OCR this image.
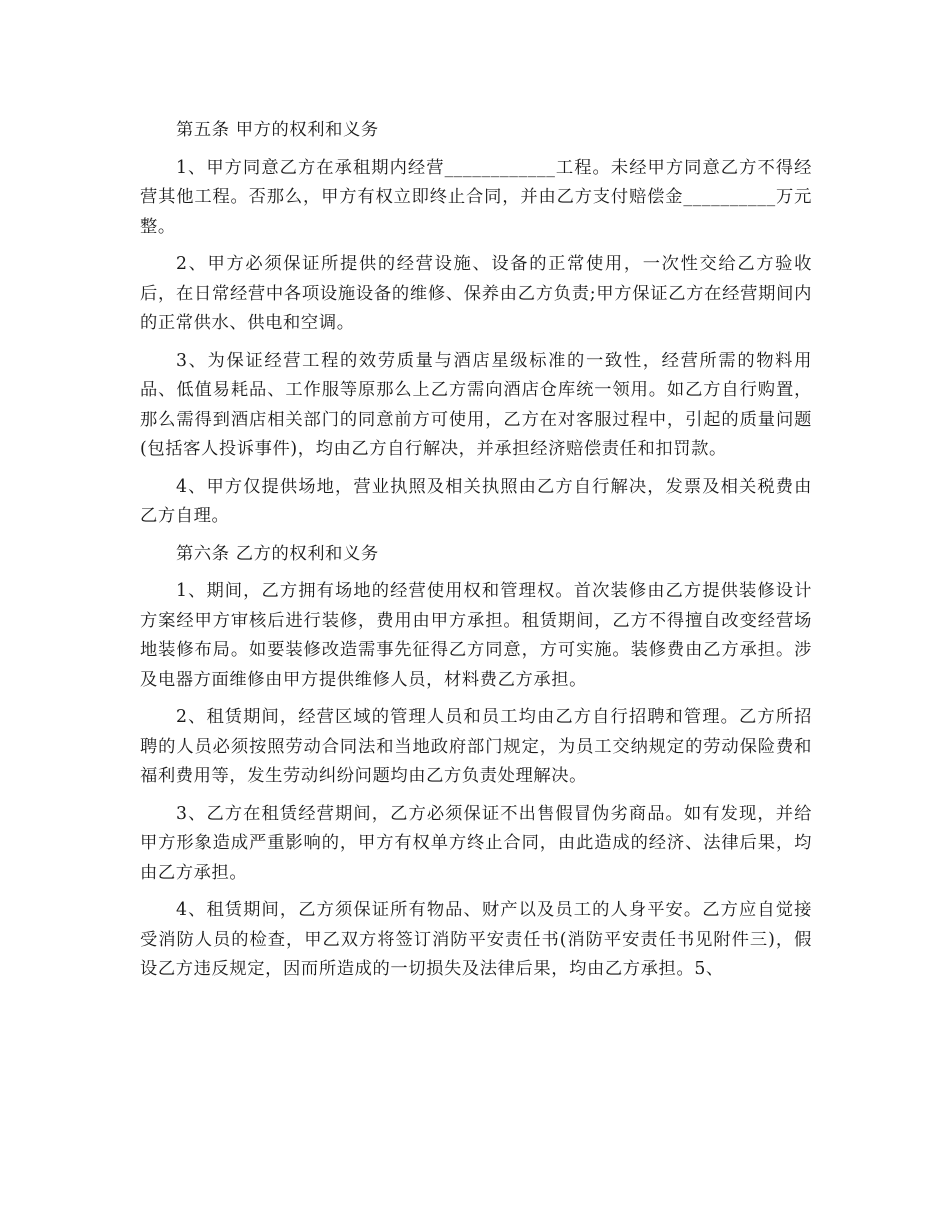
第五条 甲方的权利和义务

1、甲方同意乙方在承租期内经营____________工程。未经甲方同意乙方不得经营其他工程。否那么，甲方有权立即终止合同，并由乙方支付赔偿金__________万元整。

2、甲方必须保证所提供的经营设施、设备的正常使用，一次性交给乙方验收后，在日常经营中各项设施设备的维修、保养由乙方负责;甲方保证乙方在经营期间内的正常供水、供电和空调。

3、为保证经营工程的效劳质量与酒店星级标准的一致性，经营所需的物料用品、低值易耗品、工作服等原那么上乙方需向酒店仓库统一领用。如乙方自行购置，那么需得到酒店相关部门的同意前方可使用，乙方在对客服过程中，引起的质量问题(包括客人投诉事件)，均由乙方自行解决，并承担经济赔偿责任和扣罚款。

4、甲方仅提供场地，营业执照及相关执照由乙方自行解决，发票及相关税费由乙方自理。

第六条 乙方的权利和义务

1、期间，乙方拥有场地的经营使用权和管理权。首次装修由乙方提供装修设计方案经甲方审核后进行装修，费用由甲方承担。租赁期间，乙方不得擅自改变经营场地装修布局。如要装修改造需事先征得乙方同意，方可实施。装修费由乙方承担。涉及电器方面维修由甲方提供维修人员，材料费乙方承担。

2、租赁期间，经营区域的管理人员和员工均由乙方自行招聘和管理。乙方所招聘的人员必须按照劳动合同法和当地政府部门规定，为员工交纳规定的劳动保险费和福利费用等，发生劳动纠纷问题均由乙方负责处理解决。

3、乙方在租赁经营期间，乙方必须保证不出售假冒伪劣商品。如有发现，并给甲方形象造成严重影响的，甲方有权单方终止合同，由此造成的经济、法律后果，均由乙方承担。

4、租赁期间，乙方须保证所有物品、财产以及员工的人身平安。乙方应自觉接受消防人员的检查，甲乙双方将签订消防平安责任书(消防平安责任书见附件三)，假设乙方违反规定，因而所造成的一切损失及法律后果，均由乙方承担。5、
